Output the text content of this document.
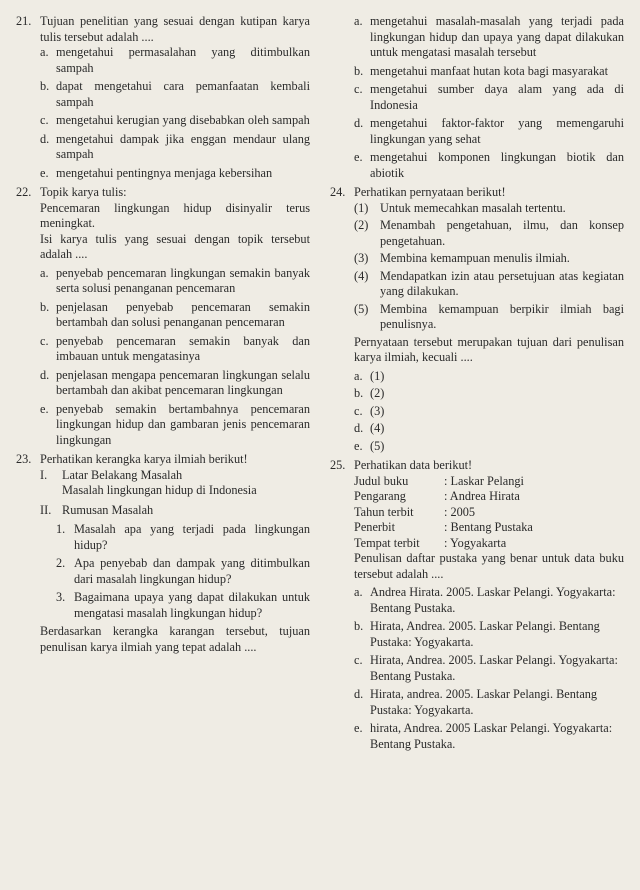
21. Tujuan penelitian yang sesuai dengan kutipan karya tulis tersebut adalah ....
a. mengetahui permasalahan yang ditimbulkan sampah
b. dapat mengetahui cara pemanfaatan kembali sampah
c. mengetahui kerugian yang disebabkan oleh sampah
d. mengetahui dampak jika enggan mendaur ulang sampah
e. mengetahui pentingnya menjaga kebersihan
22. Topik karya tulis:
Pencemaran lingkungan hidup disinyalir terus meningkat.
Isi karya tulis yang sesuai dengan topik tersebut adalah ....
a. penyebab pencemaran lingkungan semakin banyak serta solusi penanganan pencemaran
b. penjelasan penyebab pencemaran semakin bertambah dan solusi penanganan pencemaran
c. penyebab pencemaran semakin banyak dan imbauan untuk mengatasinya
d. penjelasan mengapa pencemaran lingkungan selalu bertambah dan akibat pencemaran lingkungan
e. penyebab semakin bertambahnya pencemaran lingkungan hidup dan gambaran jenis pencemaran lingkungan
23. Perhatikan kerangka karya ilmiah berikut!
I.	Latar Belakang Masalah
Masalah lingkungan hidup di Indonesia
II. Rumusan Masalah
1. Masalah apa yang terjadi pada lingkungan hidup?
2. Apa penyebab dan dampak yang ditimbulkan dari masalah lingkungan hidup?
3. Bagaimana upaya yang dapat dilakukan untuk mengatasi masalah lingkungan hidup?
Berdasarkan kerangka karangan tersebut, tujuan penulisan karya ilmiah yang tepat adalah ....
a. mengetahui masalah-masalah yang terjadi pada lingkungan hidup dan upaya yang dapat dilakukan untuk mengatasi masalah tersebut
b. mengetahui manfaat hutan kota bagi masyarakat
c. mengetahui sumber daya alam yang ada di Indonesia
d. mengetahui faktor-faktor yang memengaruhi lingkungan yang sehat
e. mengetahui komponen lingkungan biotik dan abiotik
24. Perhatikan pernyataan berikut!
(1) Untuk memecahkan masalah tertentu.
(2) Menambah pengetahuan, ilmu, dan konsep pengetahuan.
(3) Membina kemampuan menulis ilmiah.
(4) Mendapatkan izin atau persetujuan atas kegiatan yang dilakukan.
(5) Membina kemampuan berpikir ilmiah bagi penulisnya.
Pernyataan tersebut merupakan tujuan dari penulisan karya ilmiah, kecuali ....
a. (1)
b. (2)
c. (3)
d. (4)
e. (5)
25. Perhatikan data berikut!
Judul buku	: Laskar Pelangi
Pengarang	: Andrea Hirata
Tahun terbit	: 2005
Penerbit	: Bentang Pustaka
Tempat terbit	: Yogyakarta
Penulisan daftar pustaka yang benar untuk data buku tersebut adalah ....
a. Andrea Hirata. 2005. Laskar Pelangi. Yogyakarta: Bentang Pustaka.
b. Hirata, Andrea. 2005. Laskar Pelangi. Bentang Pustaka: Yogyakarta.
c. Hirata, Andrea. 2005. Laskar Pelangi. Yogyakarta: Bentang Pustaka.
d. Hirata, andrea. 2005. Laskar Pelangi. Bentang Pustaka: Yogyakarta.
e. hirata, Andrea. 2005 Laskar Pelangi. Yogyakarta: Bentang Pustaka.
